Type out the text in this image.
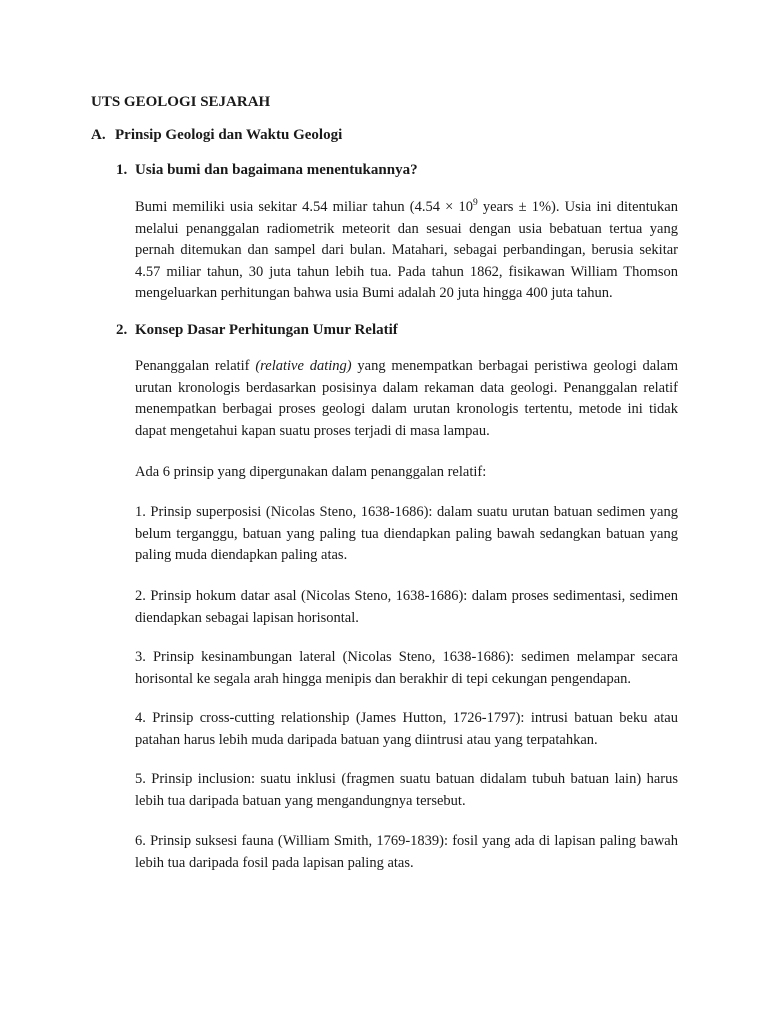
UTS GEOLOGI SEJARAH

A. Prinsip Geologi dan Waktu Geologi

1. Usia bumi dan bagaimana menentukannya?

Bumi memiliki usia sekitar 4.54 miliar tahun ($4.54 \times 10^9$ years ± 1%). Usia ini ditentukan melalui penanggalan radiometrik meteorit dan sesuai dengan usia bebatuan tertua yang pernah ditemukan dan sampel dari bulan. Matahari, sebagai perbandingan, berusia sekitar 4.57 miliar tahun, 30 juta tahun lebih tua. Pada tahun 1862, fisikawan William Thomson mengeluarkan perhitungan bahwa usia Bumi adalah 20 juta hingga 400 juta tahun.

2. Konsep Dasar Perhitungan Umur Relatif

Penanggalan relatif (relative dating) yang menempatkan berbagai peristiwa geologi dalam urutan kronologis berdasarkan posisinya dalam rekaman data geologi. Penanggalan relatif menempatkan berbagai proses geologi dalam urutan kronologis tertentu, metode ini tidak dapat mengetahui kapan suatu proses terjadi di masa lampau.

Ada 6 prinsip yang dipergunakan dalam penanggalan relatif:

1. Prinsip superposisi (Nicolas Steno, 1638-1686): dalam suatu urutan batuan sedimen yang belum terganggu, batuan yang paling tua diendapkan paling bawah sedangkan batuan yang paling muda diendapkan paling atas.

2. Prinsip hokum datar asal (Nicolas Steno, 1638-1686): dalam proses sedimentasi, sedimen diendapkan sebagai lapisan horisontal.

3. Prinsip kesinambungan lateral (Nicolas Steno, 1638-1686): sedimen melampar secara horisontal ke segala arah hingga menipis dan berakhir di tepi cekungan pengendapan.

4. Prinsip cross-cutting relationship (James Hutton, 1726-1797): intrusi batuan beku atau patahan harus lebih muda daripada batuan yang diintrusi atau yang terpatahkan.

5. Prinsip inclusion: suatu inklusi (fragmen suatu batuan didalam tubuh batuan lain) harus lebih tua daripada batuan yang mengandungnya tersebut.

6. Prinsip suksesi fauna (William Smith, 1769-1839): fosil yang ada di lapisan paling bawah lebih tua daripada fosil pada lapisan paling atas.
